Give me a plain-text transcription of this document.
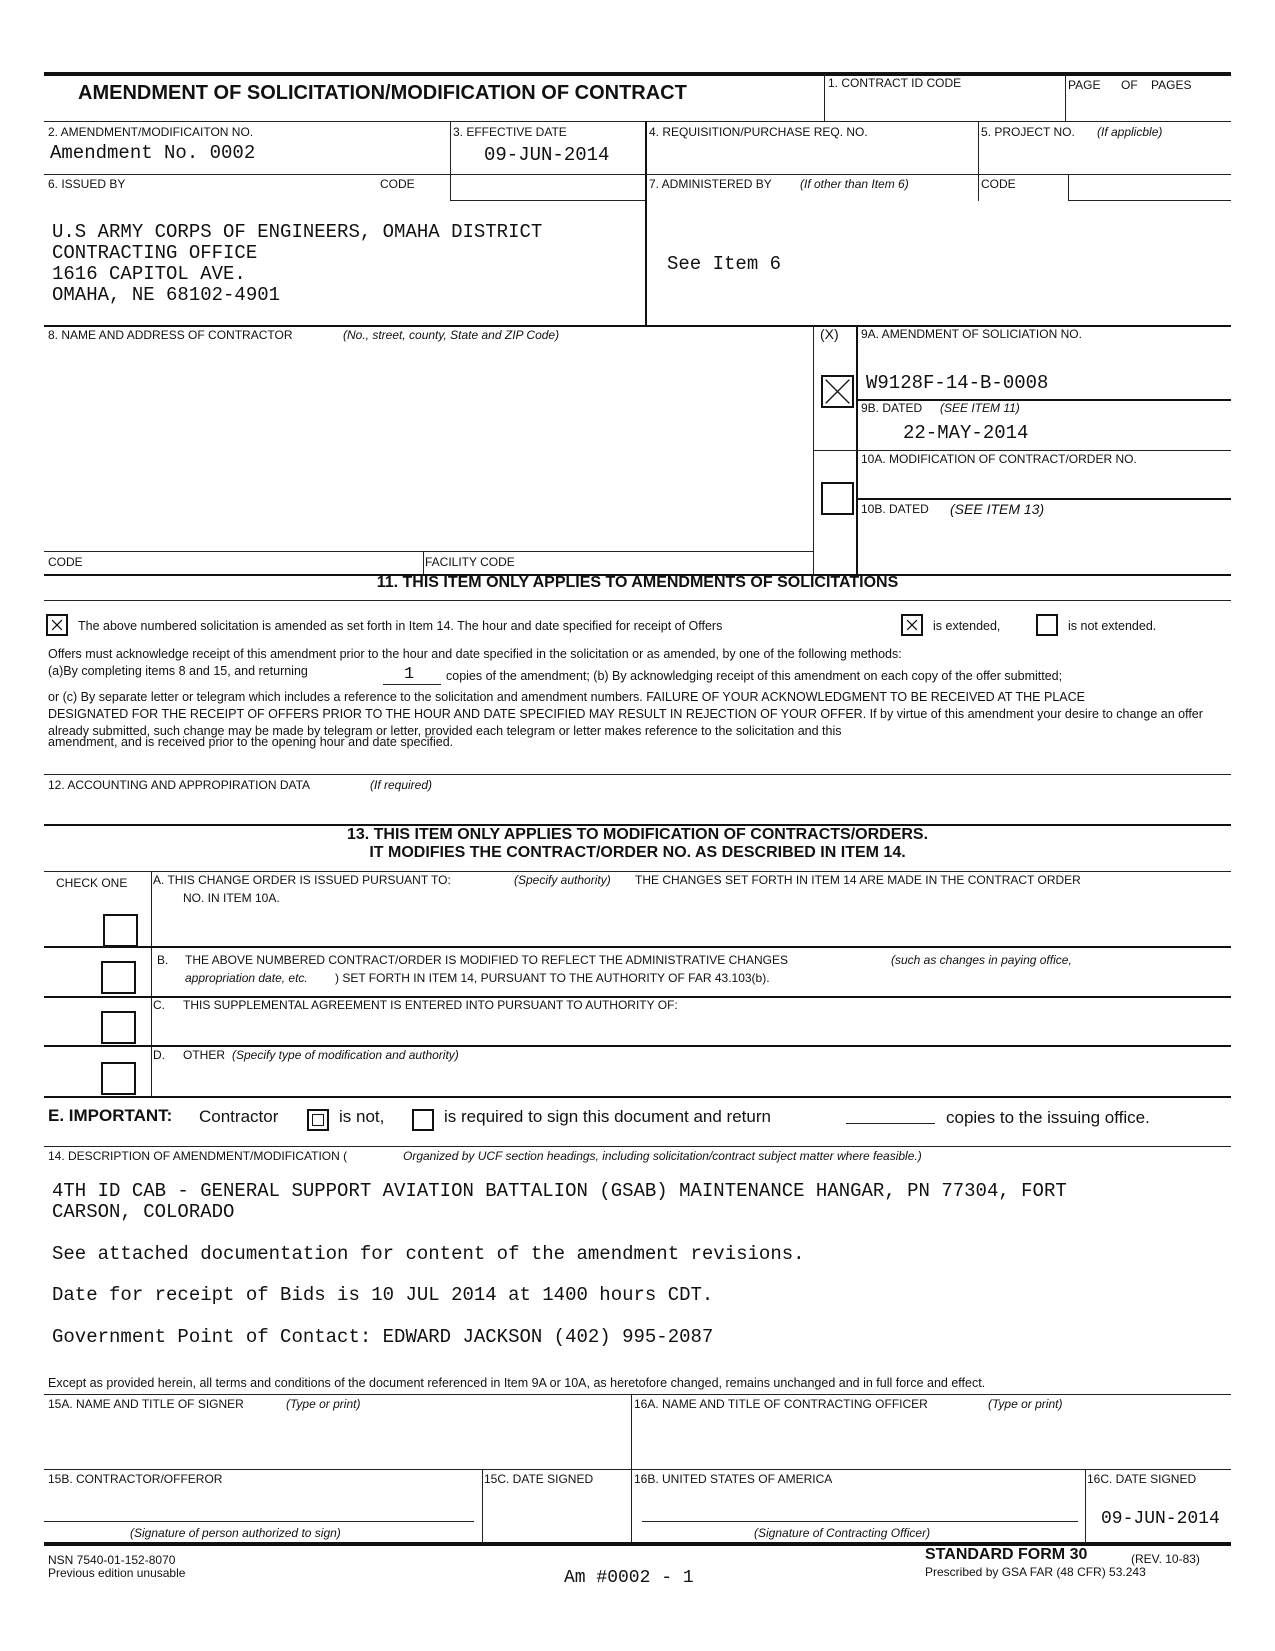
AMENDMENT OF SOLICITATION/MODIFICATION OF CONTRACT	1. CONTRACT ID CODE	PAGE OF PAGES
2. AMENDMENT/MODIFICAITON NO.
Amendment No. 0002
3. EFFECTIVE DATE
09-JUN-2014
4. REQUISITION/PURCHASE REQ. NO.	5. PROJECT NO. (If applicble)
6. ISSUED BY	CODE
U.S ARMY CORPS OF ENGINEERS, OMAHA DISTRICT
CONTRACTING OFFICE
1616 CAPITOL AVE.
OMAHA, NE 68102-4901
7. ADMINISTERED BY (If other than Item 6)	CODE
See Item 6
8. NAME AND ADDRESS OF CONTRACTOR	(No., street, county, State and ZIP Code)	(X) 9A. AMENDMENT OF SOLICIATION NO.
W9128F-14-B-0008
9B. DATED (SEE ITEM 11)
22-MAY-2014
10A. MODIFICATION OF CONTRACT/ORDER NO.
10B. DATED (SEE ITEM 13)
CODE	FACILITY CODE
11. THIS ITEM ONLY APPLIES TO AMENDMENTS OF SOLICITATIONS
The above numbered solicitation is amended as set forth in Item 14. The hour and date specified for receipt of Offers	is extended,	is not extended.
Offers must acknowledge receipt of this amendment prior to the hour and date specified in the solicitation or as amended, by one of the following methods:
(a)By completing items 8 and 15, and returning	1	copies of the amendment; (b) By acknowledging receipt of this amendment on each copy of the offer submitted;
or (c) By separate letter or telegram which includes a reference to the solicitation and amendment numbers. FAILURE OF YOUR ACKNOWLEDGMENT TO BE RECEIVED AT THE PLACE
DESIGNATED FOR THE RECEIPT OF OFFERS PRIOR TO THE HOUR AND DATE SPECIFIED MAY RESULT IN REJECTION OF YOUR OFFER. If by virtue of this amendment your desire to change an offer
already submitted, such change may be made by telegram or letter, provided each telegram or letter makes reference to the solicitation and this
amendment, and is received prior to the opening hour and date specified.
12. ACCOUNTING AND APPROPIRATION DATA	(If required)
13. THIS ITEM ONLY APPLIES TO MODIFICATION OF CONTRACTS/ORDERS.
IT MODIFIES THE CONTRACT/ORDER NO. AS DESCRIBED IN ITEM 14.
CHECK ONE A. THIS CHANGE ORDER IS ISSUED PURSUANT TO:	(Specify authority) THE CHANGES SET FORTH IN ITEM 14 ARE MADE IN THE CONTRACT ORDER
NO. IN ITEM 10A.
B. THE ABOVE NUMBERED CONTRACT/ORDER IS MODIFIED TO REFLECT THE ADMINISTRATIVE CHANGES	(such as changes in paying office,
appropriation date, etc. ) SET FORTH IN ITEM 14, PURSUANT TO THE AUTHORITY OF FAR 43.103(b).
C. THIS SUPPLEMENTAL AGREEMENT IS ENTERED INTO PURSUANT TO AUTHORITY OF:
D. OTHER (Specify type of modification and authority)
E. IMPORTANT: Contractor	is not,	is required to sign this document and return	copies to the issuing office.
14. DESCRIPTION OF AMENDMENT/MODIFICATION (	Organized by UCF section headings, including solicitation/contract subject matter where feasible.)
4TH ID CAB - GENERAL SUPPORT AVIATION BATTALION (GSAB) MAINTENANCE HANGAR, PN 77304, FORT
CARSON, COLORADO
See attached documentation for content of the amendment revisions.
Date for receipt of Bids is 10 JUL 2014 at 1400 hours CDT.
Government Point of Contact: EDWARD JACKSON (402) 995-2087
Except as provided herein, all terms and conditions of the document referenced in Item 9A or 10A, as heretofore changed, remains unchanged and in full force and effect.
15A. NAME AND TITLE OF SIGNER	(Type or print)	16A. NAME AND TITLE OF CONTRACTING OFFICER	(Type or print)
15B. CONTRACTOR/OFFEROR	15C. DATE SIGNED	16B. UNITED STATES OF AMERICA	16C. DATE SIGNED
09-JUN-2014
(Signature of person authorized to sign)	(Signature of Contracting Officer)
NSN 7540-01-152-8070
Previous edition unusable	Am #0002 - 1
STANDARD FORM 30	(REV. 10-83)
Prescribed by GSA FAR (48 CFR) 53.243
